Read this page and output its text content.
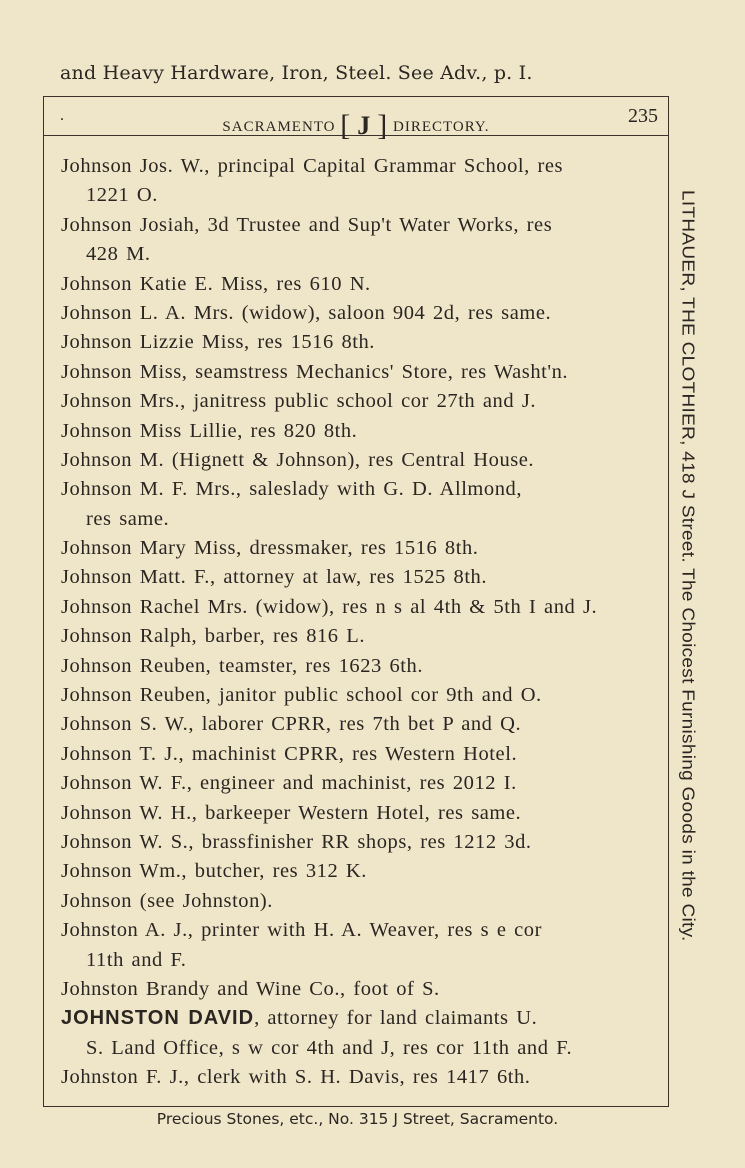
and Heavy Hardware, Iron, Steel. See Adv., p. I.
.
SACRAMENTO [ J ] DIRECTORY.	235
Johnson Jos. W., principal Capital Grammar School, res
1221 O.
Johnson Josiah, 3d Trustee and Sup't Water Works, res
428 M.
Johnson Katie E. Miss, res 610 N.
Johnson L. A. Mrs. (widow), saloon 904 2d, res same.
Johnson Lizzie Miss, res 1516 8th.
Johnson Miss, seamstress Mechanics' Store, res Washt'n.
Johnson Mrs., janitress public school cor 27th and J.
Johnson Miss Lillie, res 820 8th.
Johnson M. (Hignett & Johnson), res Central House.
Johnson M. F. Mrs., saleslady with G. D. Allmond,
res same.
Johnson Mary Miss, dressmaker, res 1516 8th.
Johnson Matt. F., attorney at law, res 1525 8th.
Johnson Rachel Mrs. (widow), res n s al 4th & 5th I and J.
Johnson Ralph, barber, res 816 L.
Johnson Reuben, teamster, res 1623 6th.
Johnson Reuben, janitor public school cor 9th and O.
Johnson S. W., laborer CPRR, res 7th bet P and Q.
Johnson T. J., machinist CPRR, res Western Hotel.
Johnson W. F., engineer and machinist, res 2012 I.
Johnson W. H., barkeeper Western Hotel, res same.
Johnson W. S., brassfinisher RR shops, res 1212 3d.
Johnson Wm., butcher, res 312 K.
Johnson (see Johnston).
Johnston A. J., printer with H. A. Weaver, res s e cor
11th and F.
Johnston Brandy and Wine Co., foot of S.
JOHNSTON DAVID, attorney for land claimants U.
S. Land Office, s w cor 4th and J, res cor 11th and F.
Johnston F. J., clerk with S. H. Davis, res 1417 6th.
LITHAUER, THE CLOTHIER, 418 J Street. The Choicest Furnishing Goods in the City.
Precious Stones, etc., No. 315 J Street, Sacramento.
